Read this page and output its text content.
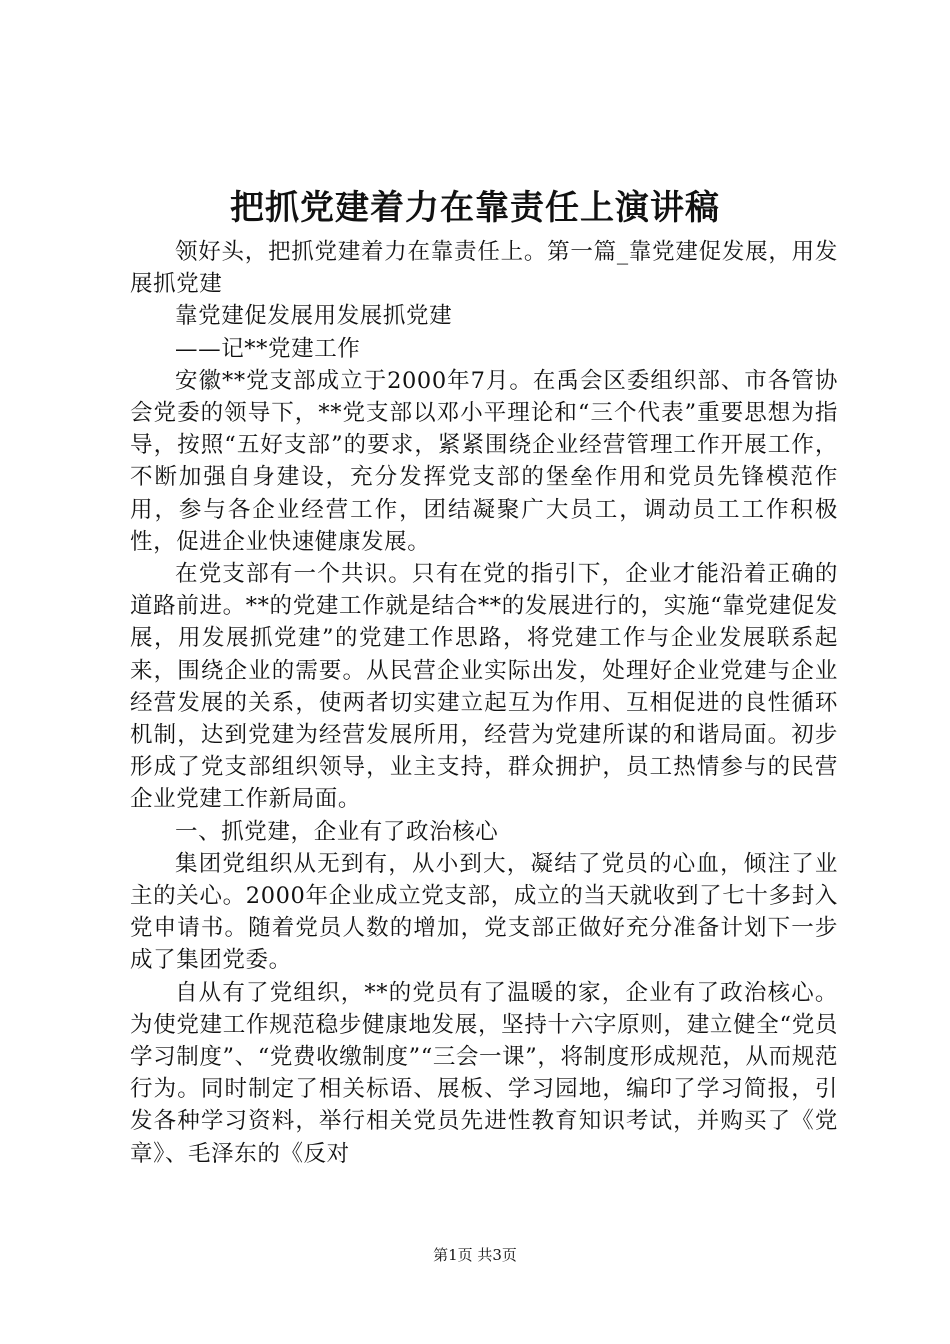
把抓党建着力在靠责任上演讲稿

领好头，把抓党建着力在靠责任上。第一篇_靠党建促发展，用发展抓党建

靠党建促发展用发展抓党建

——记**党建工作

安徽**党支部成立于2000年7月。在禹会区委组织部、市各管协会党委的领导下，**党支部以邓小平理论和“三个代表”重要思想为指导，按照“五好支部”的要求，紧紧围绕企业经营管理工作开展工作，不断加强自身建设，充分发挥党支部的堡垒作用和党员先锋模范作用，参与各企业经营工作，团结凝聚广大员工，调动员工工作积极性，促进企业快速健康发展。

在党支部有一个共识。只有在党的指引下，企业才能沿着正确的道路前进。**的党建工作就是结合**的发展进行的，实施“靠党建促发展，用发展抓党建”的党建工作思路，将党建工作与企业发展联系起来，围绕企业的需要。从民营企业实际出发，处理好企业党建与企业经营发展的关系，使两者切实建立起互为作用、互相促进的良性循环机制，达到党建为经营发展所用，经营为党建所谋的和谐局面。初步形成了党支部组织领导，业主支持，群众拥护，员工热情参与的民营企业党建工作新局面。

一、抓党建，企业有了政治核心

集团党组织从无到有，从小到大，凝结了党员的心血，倾注了业主的关心。2000年企业成立党支部，成立的当天就收到了七十多封入党申请书。随着党员人数的增加，党支部正做好充分准备计划下一步成了集团党委。

自从有了党组织，**的党员有了温暖的家，企业有了政治核心。为使党建工作规范稳步健康地发展，坚持十六字原则，建立健全“党员学习制度”、“党费收缴制度”“三会一课”，将制度形成规范，从而规范行为。同时制定了相关标语、展板、学习园地，编印了学习简报，引发各种学习资料，举行相关党员先进性教育知识考试，并购买了《党章》、毛泽东的《反对

第1页 共3页
